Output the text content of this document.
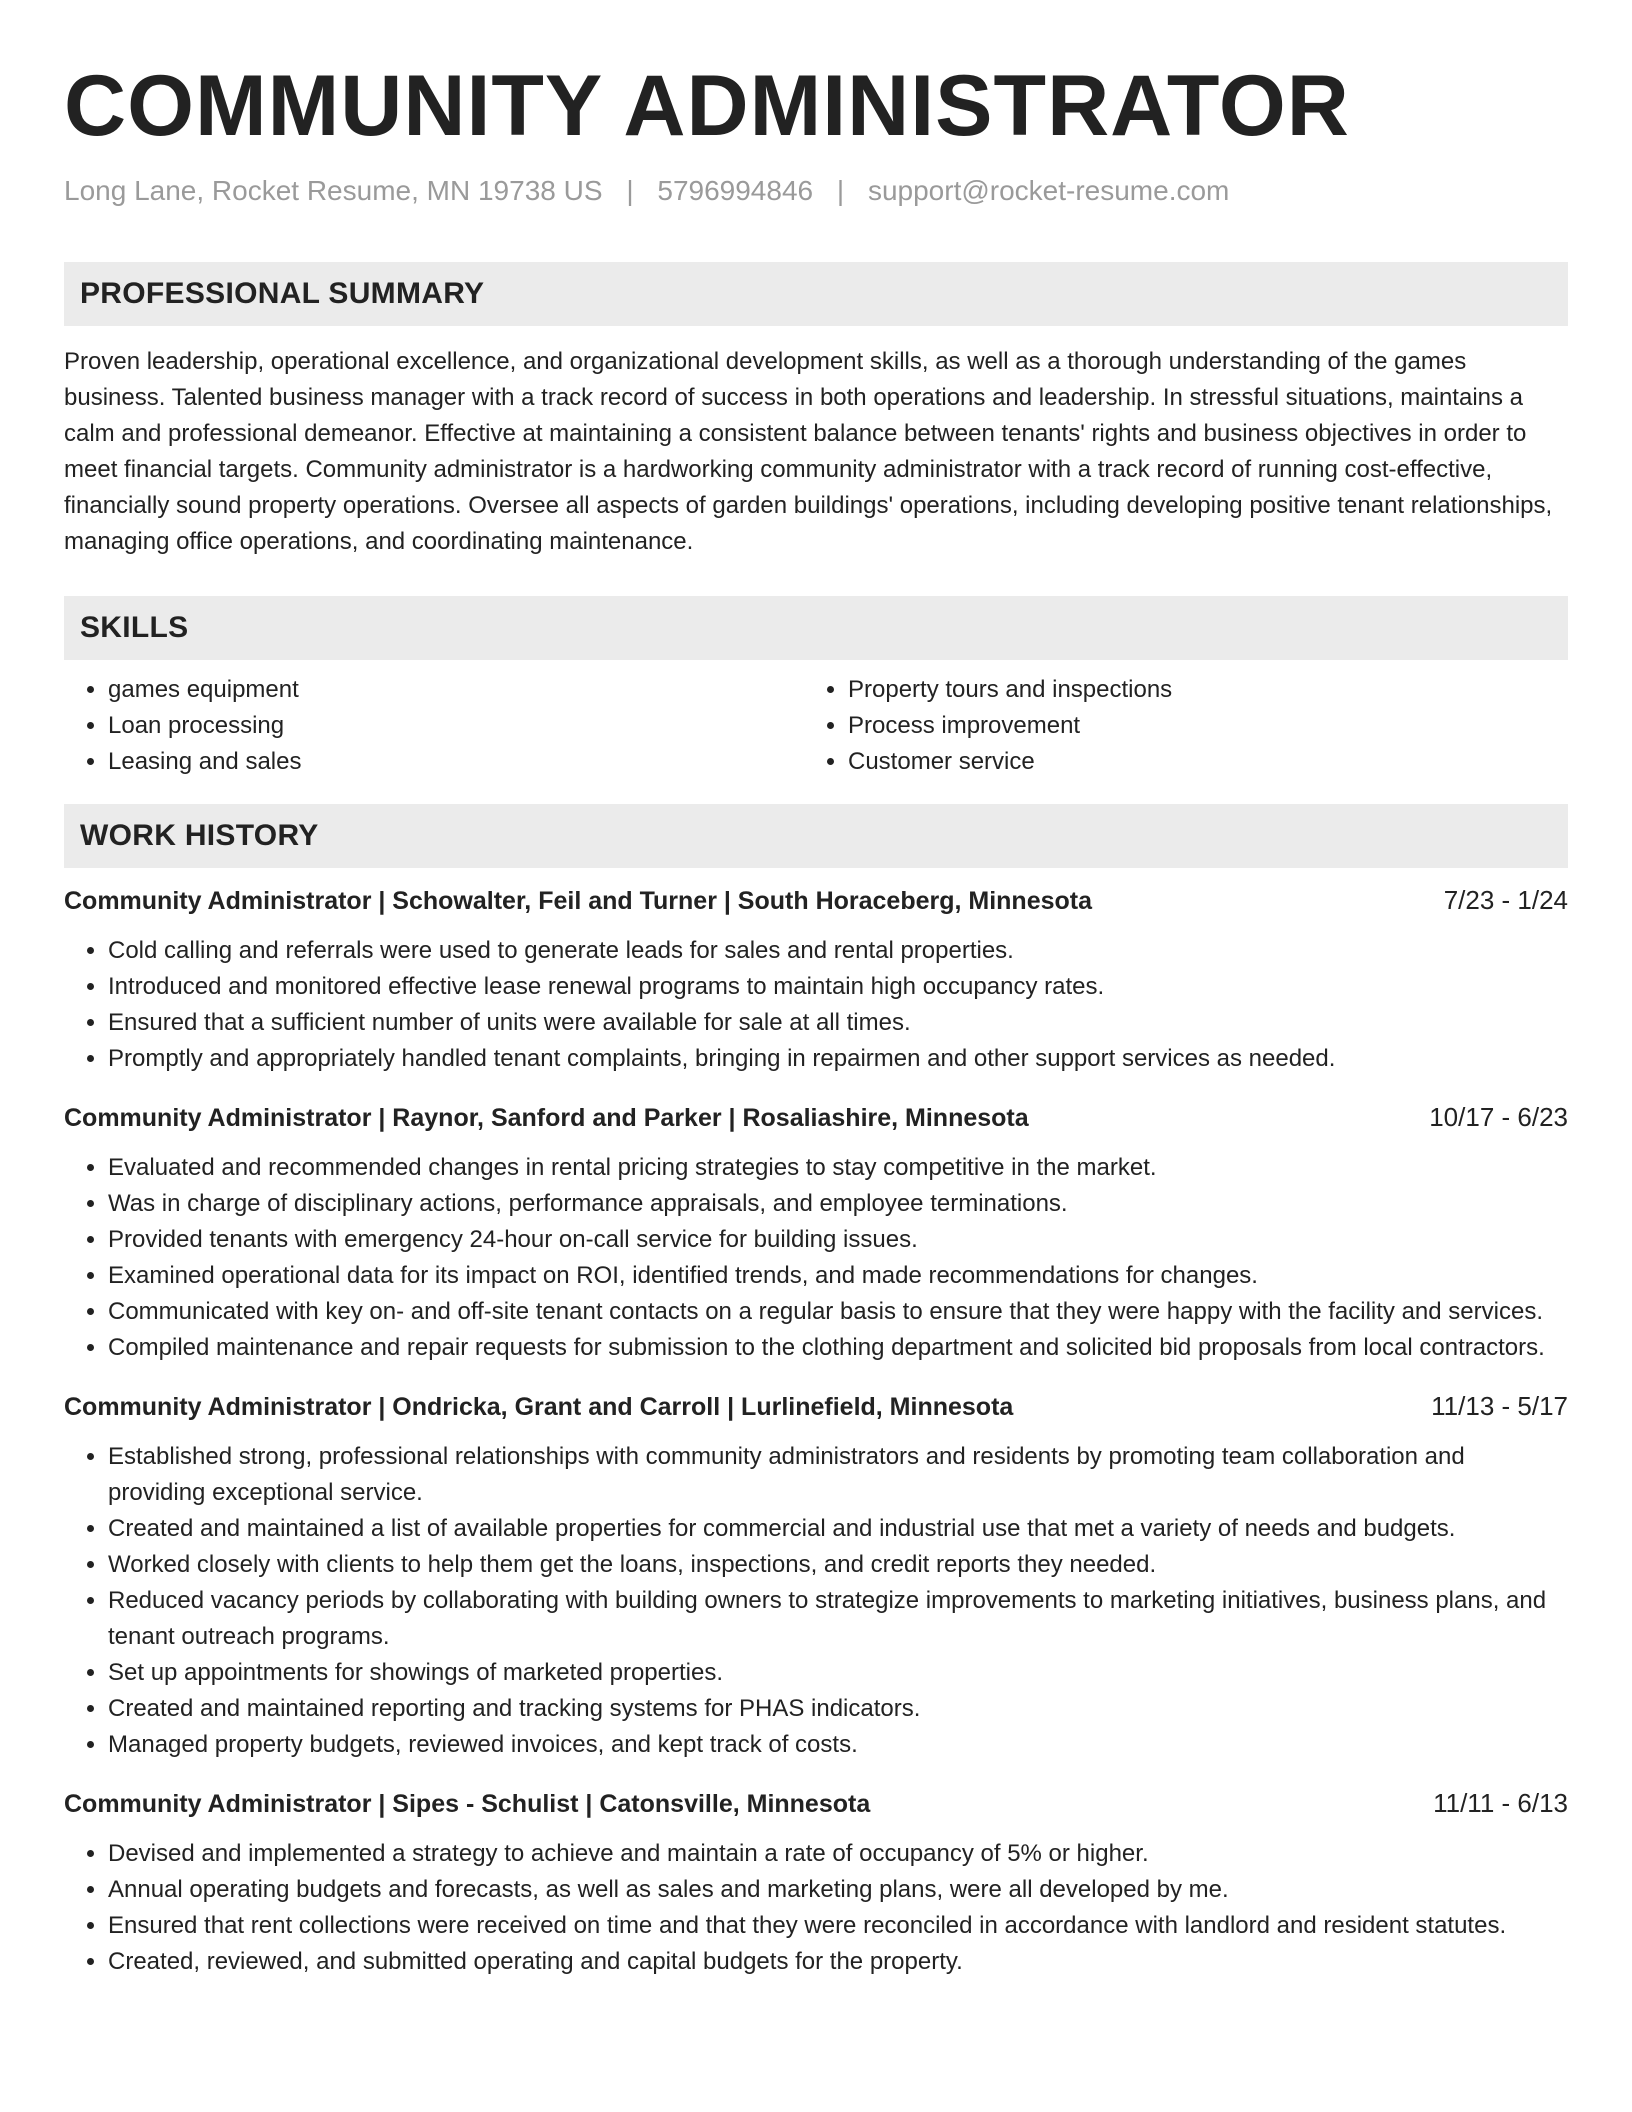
COMMUNITY ADMINISTRATOR
Long Lane, Rocket Resume, MN 19738 US | 5796994846 | support@rocket-resume.com
PROFESSIONAL SUMMARY

Proven leadership, operational excellence, and organizational development skills, as well as a thorough understanding of the games business. Talented business manager with a track record of success in both operations and leadership. In stressful situations, maintains a calm and professional demeanor. Effective at maintaining a consistent balance between tenants' rights and business objectives in order to meet financial targets. Community administrator is a hardworking community administrator with a track record of running cost-effective, financially sound property operations. Oversee all aspects of garden buildings' operations, including developing positive tenant relationships, managing office operations, and coordinating maintenance.

SKILLS
• games equipment
• Loan processing
• Leasing and sales
• Property tours and inspections
• Process improvement
• Customer service
WORK HISTORY
Community Administrator | Schowalter, Feil and Turner | South Horaceberg, Minnesota	7/23 - 1/24
• Cold calling and referrals were used to generate leads for sales and rental properties.
• Introduced and monitored effective lease renewal programs to maintain high occupancy rates.
• Ensured that a sufficient number of units were available for sale at all times.
• Promptly and appropriately handled tenant complaints, bringing in repairmen and other support services as needed.
Community Administrator | Raynor, Sanford and Parker | Rosaliashire, Minnesota	10/17 - 6/23
• Evaluated and recommended changes in rental pricing strategies to stay competitive in the market.
• Was in charge of disciplinary actions, performance appraisals, and employee terminations.
• Provided tenants with emergency 24-hour on-call service for building issues.
• Examined operational data for its impact on ROI, identified trends, and made recommendations for changes.
• Communicated with key on- and off-site tenant contacts on a regular basis to ensure that they were happy with the facility and services.
• Compiled maintenance and repair requests for submission to the clothing department and solicited bid proposals from local contractors.
Community Administrator | Ondricka, Grant and Carroll | Lurlinefield, Minnesota	11/13 - 5/17
• Established strong, professional relationships with community administrators and residents by promoting team collaboration and providing exceptional service.
• Created and maintained a list of available properties for commercial and industrial use that met a variety of needs and budgets.
• Worked closely with clients to help them get the loans, inspections, and credit reports they needed.
• Reduced vacancy periods by collaborating with building owners to strategize improvements to marketing initiatives, business plans, and tenant outreach programs.
• Set up appointments for showings of marketed properties.
• Created and maintained reporting and tracking systems for PHAS indicators.
• Managed property budgets, reviewed invoices, and kept track of costs.
Community Administrator | Sipes - Schulist | Catonsville, Minnesota	11/11 - 6/13
• Devised and implemented a strategy to achieve and maintain a rate of occupancy of 5% or higher.
• Annual operating budgets and forecasts, as well as sales and marketing plans, were all developed by me.
• Ensured that rent collections were received on time and that they were reconciled in accordance with landlord and resident statutes.
• Created, reviewed, and submitted operating and capital budgets for the property.
